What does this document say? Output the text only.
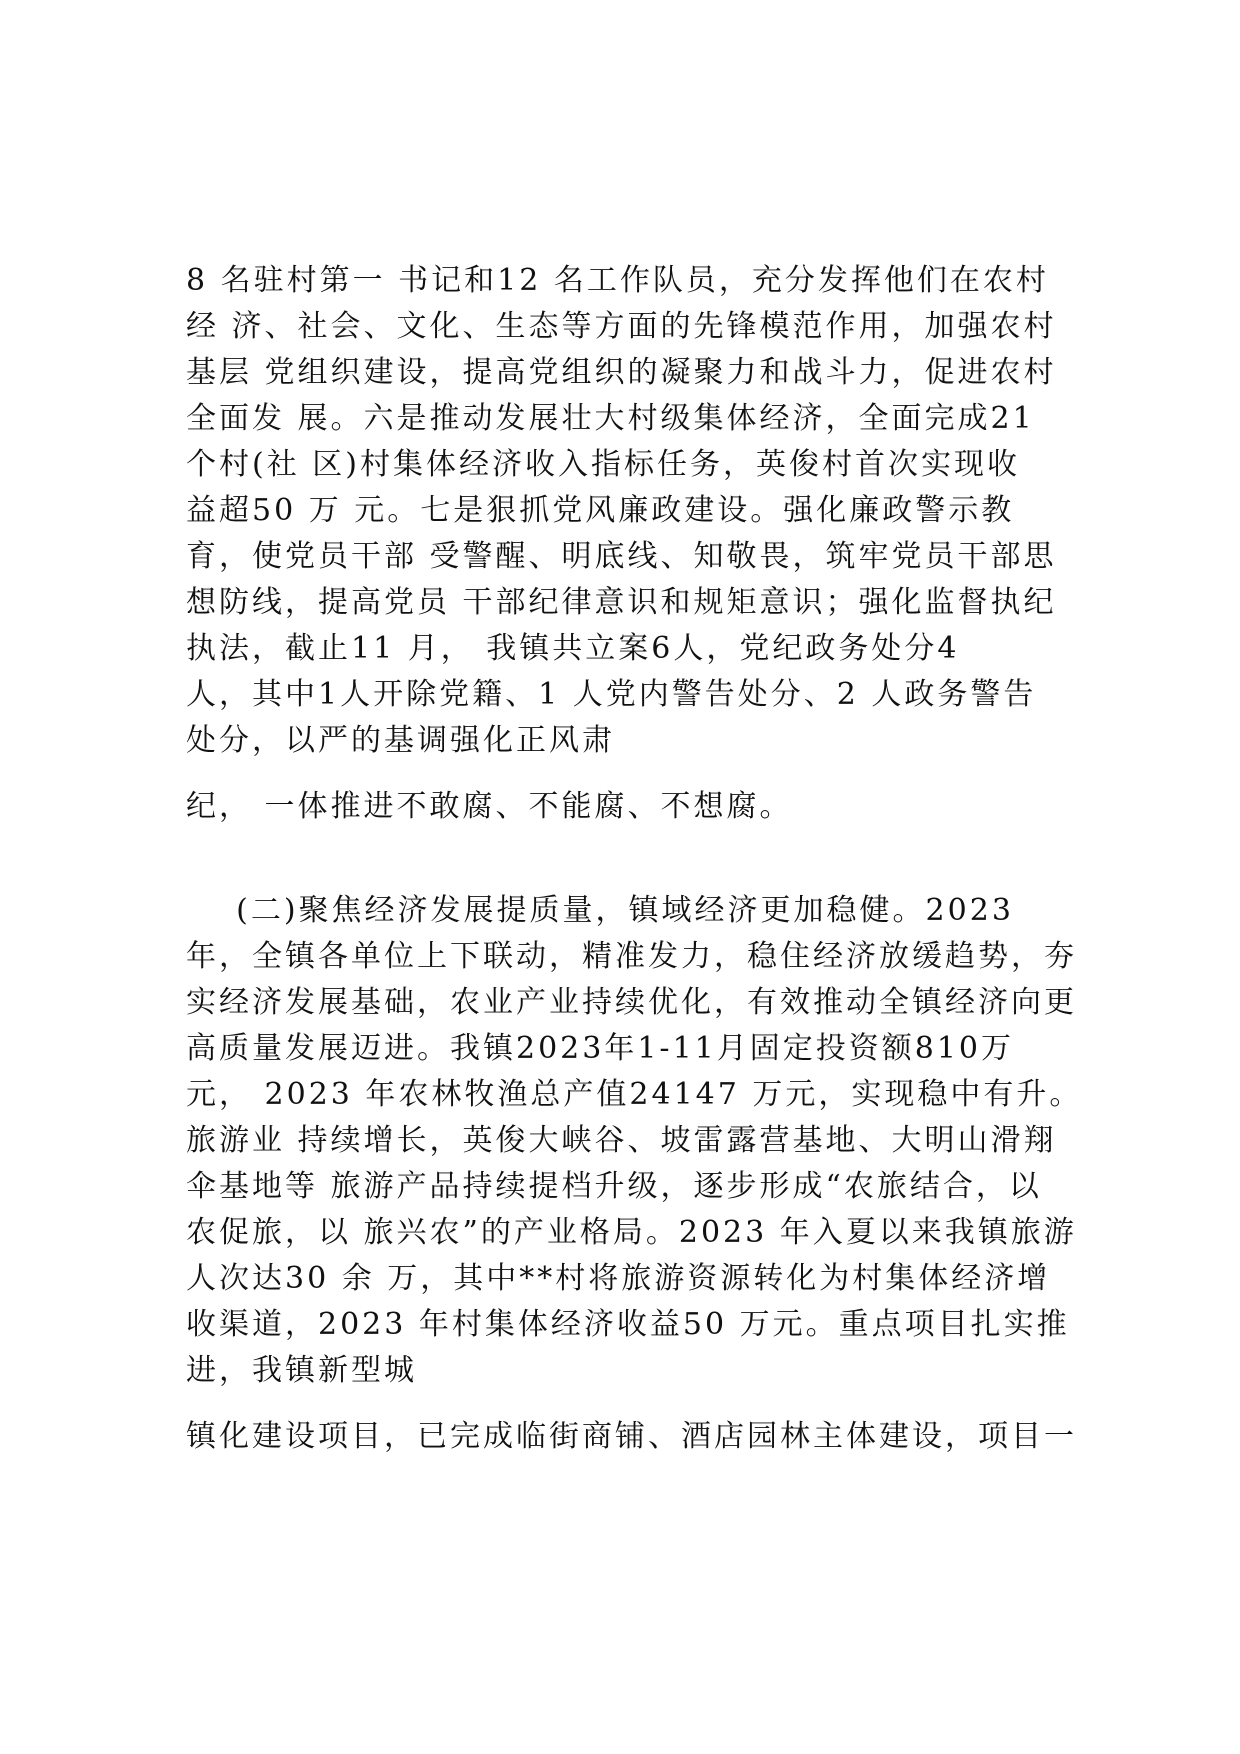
8 名驻村第一 书记和12 名工作队员，充分发挥他们在农村
经 济、社会、文化、生态等方面的先锋模范作用，加强农村
基层 党组织建设，提高党组织的凝聚力和战斗力，促进农村
全面发 展。六是推动发展壮大村级集体经济，全面完成21
个村(社 区)村集体经济收入指标任务，英俊村首次实现收
益超50 万 元。七是狠抓党风廉政建设。强化廉政警示教
育，使党员干部 受警醒、明底线、知敬畏，筑牢党员干部思
想防线，提高党员 干部纪律意识和规矩意识；强化监督执纪
执法，截止11 月， 我镇共立案6人，党纪政务处分4
人，其中1人开除党籍、1 人党内警告处分、2 人政务警告
处分，以严的基调强化正风肃
纪， 一体推进不敢腐、不能腐、不想腐。
(二)聚焦经济发展提质量，镇域经济更加稳健。2023
年，全镇各单位上下联动，精准发力，稳住经济放缓趋势，夯
实经济发展基础，农业产业持续优化，有效推动全镇经济向更
高质量发展迈进。我镇2023年1-11月固定投资额810万
元， 2023 年农林牧渔总产值24147 万元，实现稳中有升。
旅游业 持续增长，英俊大峡谷、坡雷露营基地、大明山滑翔
伞基地等 旅游产品持续提档升级，逐步形成“农旅结合，以
农促旅，以 旅兴农”的产业格局。2023 年入夏以来我镇旅游
人次达30 余 万，其中**村将旅游资源转化为村集体经济增
收渠道，2023 年村集体经济收益50 万元。重点项目扎实推
进，我镇新型城
镇化建设项目，已完成临街商铺、酒店园林主体建设，项目一
